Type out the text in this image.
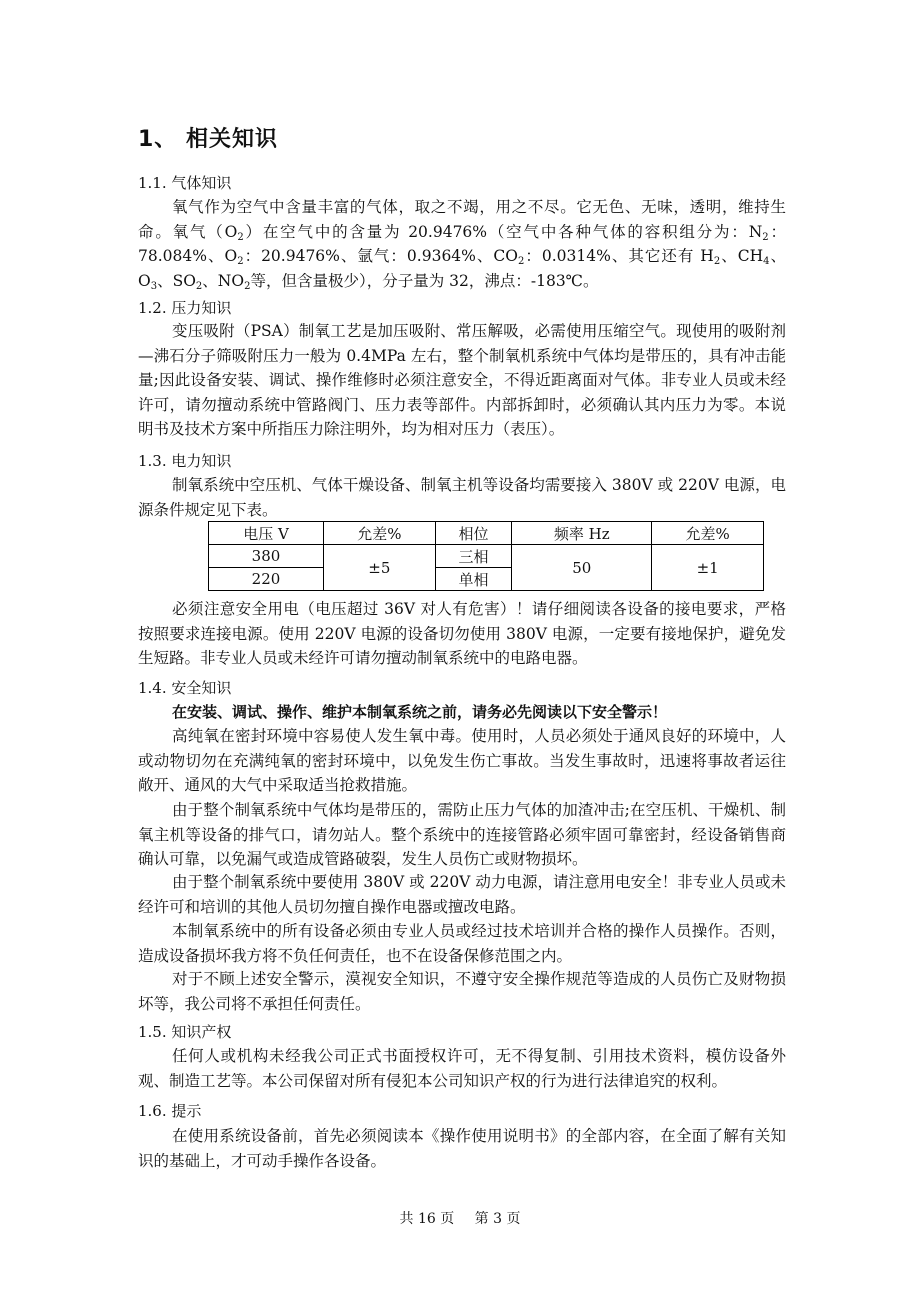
1、 相关知识
1.1. 气体知识

氧气作为空气中含量丰富的气体，取之不竭，用之不尽。它无色、无味，透明，维持生命。氧气$(O_2)$在空气中的含量为 20.9476%（空气中各种气体的容积组分为：$N_2$：78.084%、$O_2$：20.9476%、氩气：0.9364%、$CO_2$：0.0314%、其它还有 $H_2$、$CH_4$、$O_3$、$SO_2$、$NO_2$等，但含量极少），分子量为 32，沸点：-183℃。

1.2. 压力知识

变压吸附（PSA）制氧工艺是加压吸附、常压解吸，必需使用压缩空气。现使用的吸附剂—沸石分子筛吸附压力一般为 0.4MPa 左右，整个制氧机系统中气体均是带压的，具有冲击能量;因此设备安装、调试、操作维修时必须注意安全，不得近距离面对气体。非专业人员或未经许可，请勿擅动系统中管路阀门、压力表等部件。内部拆卸时，必须确认其内压力为零。本说明书及技术方案中所指压力除注明外，均为相对压力（表压）。

1.3. 电力知识

制氧系统中空压机、气体干燥设备、制氧主机等设备均需要接入 380V 或 220V 电源，电源条件规定见下表。

电压 V	允差%	相位	频率 Hz	允差%
380	±5	三相	50	±1
220		单相		

必须注意安全用电（电压超过 36V 对人有危害）！请仔细阅读各设备的接电要求，严格按照要求连接电源。使用 220V 电源的设备切勿使用 380V 电源，一定要有接地保护，避免发生短路。非专业人员或未经许可请勿擅动制氧系统中的电路电器。

1.4. 安全知识

在安装、调试、操作、维护本制氧系统之前，请务必先阅读以下安全警示！

高纯氧在密封环境中容易使人发生氧中毒。使用时，人员必须处于通风良好的环境中，人或动物切勿在充满纯氧的密封环境中，以免发生伤亡事故。当发生事故时，迅速将事故者运往敞开、通风的大气中采取适当抢救措施。

由于整个制氧系统中气体均是带压的，需防止压力气体的加渣冲击;在空压机、干燥机、制氧主机等设备的排气口，请勿站人。整个系统中的连接管路必须牢固可靠密封，经设备销售商确认可靠，以免漏气或造成管路破裂，发生人员伤亡或财物损坏。

由于整个制氧系统中要使用 380V 或 220V 动力电源，请注意用电安全！非专业人员或未经许可和培训的其他人员切勿擅自操作电器或擅改电路。

本制氧系统中的所有设备必须由专业人员或经过技术培训并合格的操作人员操作。否则，造成设备损坏我方将不负任何责任，也不在设备保修范围之内。

对于不顾上述安全警示，漠视安全知识，不遵守安全操作规范等造成的人员伤亡及财物损坏等，我公司将不承担任何责任。

1.5. 知识产权

任何人或机构未经我公司正式书面授权许可，无不得复制、引用技术资料，模仿设备外观、制造工艺等。本公司保留对所有侵犯本公司知识产权的行为进行法律追究的权利。

1.6. 提示

在使用系统设备前，首先必须阅读本《操作使用说明书》的全部内容，在全面了解有关知识的基础上，才可动手操作各设备。

共 16 页 第 3 页
